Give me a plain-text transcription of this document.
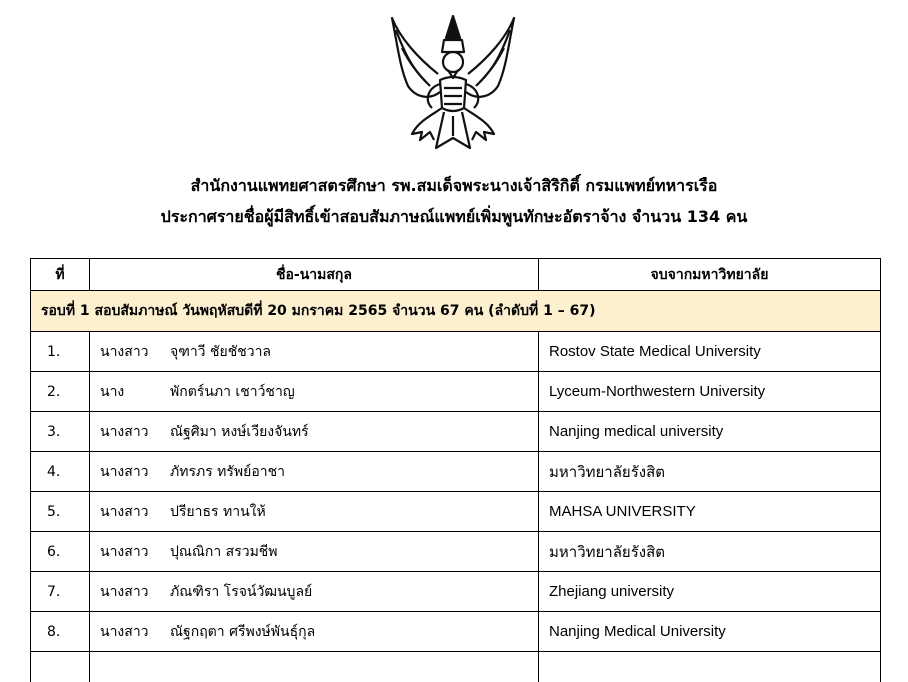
สำนักงานแพทยศาสตรศึกษา รพ.สมเด็จพระนางเจ้าสิริกิติ์ กรมแพทย์ทหารเรือ
ประกาศรายชื่อผู้มีสิทธิ์เข้าสอบสัมภาษณ์แพทย์เพิ่มพูนทักษะอัตราจ้าง จำนวน 134 คน
ที่	ชื่อ-นามสกุล	จบจากมหาวิทยาลัย
รอบที่ 1 สอบสัมภาษณ์ วันพฤหัสบดีที่ 20 มกราคม 2565 จำนวน 67 คน (ลำดับที่ 1 – 67)		
1.	นางสาว จุฑาวี ชัยชัชวาล	Rostov State Medical University
2.	นาง พักตร์นภา เชาว์ชาญ	Lyceum-Northwestern University
3.	นางสาว ณัฐศิมา หงษ์เวียงจันทร์	Nanjing medical university
4.	นางสาว ภัทรภร ทรัพย์อาชา	มหาวิทยาลัยรังสิต
5.	นางสาว ปรียาธร ทานให้	MAHSA UNIVERSITY
6.	นางสาว ปุณณิกา สรวมชีพ	มหาวิทยาลัยรังสิต
7.	นางสาว ภัณฑิรา โรจน์วัฒนบูลย์	Zhejiang university
8.	นางสาว ณัฐกฤตา ศรีพงษ์พันธุ์กุล	Nanjing Medical University
